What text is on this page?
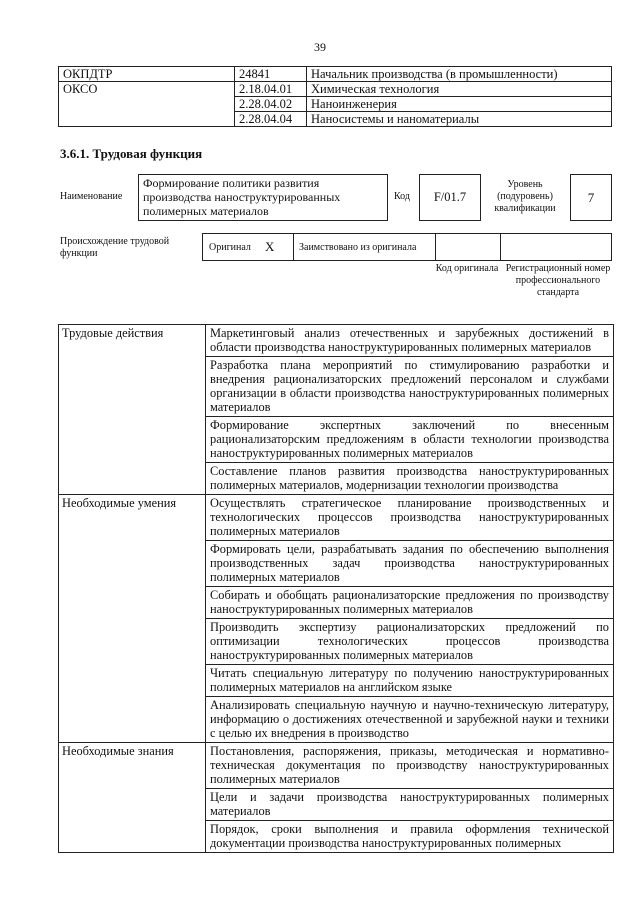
39
ОКПДТР	24841	Начальник производства (в промышленности)
ОКСО	2.18.04.01	Химическая технология
	2.28.04.02	Наноинженерия
	2.28.04.04	Наносистемы и наноматериалы
3.6.1. Трудовая функция
Наименование
Формирование политики развития производства наноструктурированных полимерных материалов
Код	F/01.7
Уровень (подуровень) квалификации
7
Происхождение трудовой функции
Оригинал X Заимствовано из оригинала
Код оригинала Регистрационный номер профессионального стандарта
Трудовые действия	Маркетинговый анализ отечественных и зарубежных достижений в области производства наноструктурированных полимерных материалов
	Разработка плана мероприятий по стимулированию разработки и внедрения рационализаторских предложений персоналом и службами организации в области производства наноструктурированных полимерных материалов
	Формирование экспертных заключений по внесенным рационализаторским предложениям в области технологии производства наноструктурированных полимерных материалов
	Составление планов развития производства наноструктурированных полимерных материалов, модернизации технологии производства
Необходимые умения	Осуществлять стратегическое планирование производственных и технологических процессов производства наноструктурированных полимерных материалов
	Формировать цели, разрабатывать задания по обеспечению выполнения производственных задач производства наноструктурированных полимерных материалов
	Собирать и обобщать рационализаторские предложения по производству наноструктурированных полимерных материалов
	Производить экспертизу рационализаторских предложений по оптимизации технологических процессов производства наноструктурированных полимерных материалов
	Читать специальную литературу по получению наноструктурированных полимерных материалов на английском языке
	Анализировать специальную научную и научно-техническую литературу, информацию о достижениях отечественной и зарубежной науки и техники с целью их внедрения в производство
Необходимые знания	Постановления, распоряжения, приказы, методическая и нормативно-техническая документация по производству наноструктурированных полимерных материалов
	Цели и задачи производства наноструктурированных полимерных материалов
	Порядок, сроки выполнения и правила оформления технической документации производства наноструктурированных полимерных
